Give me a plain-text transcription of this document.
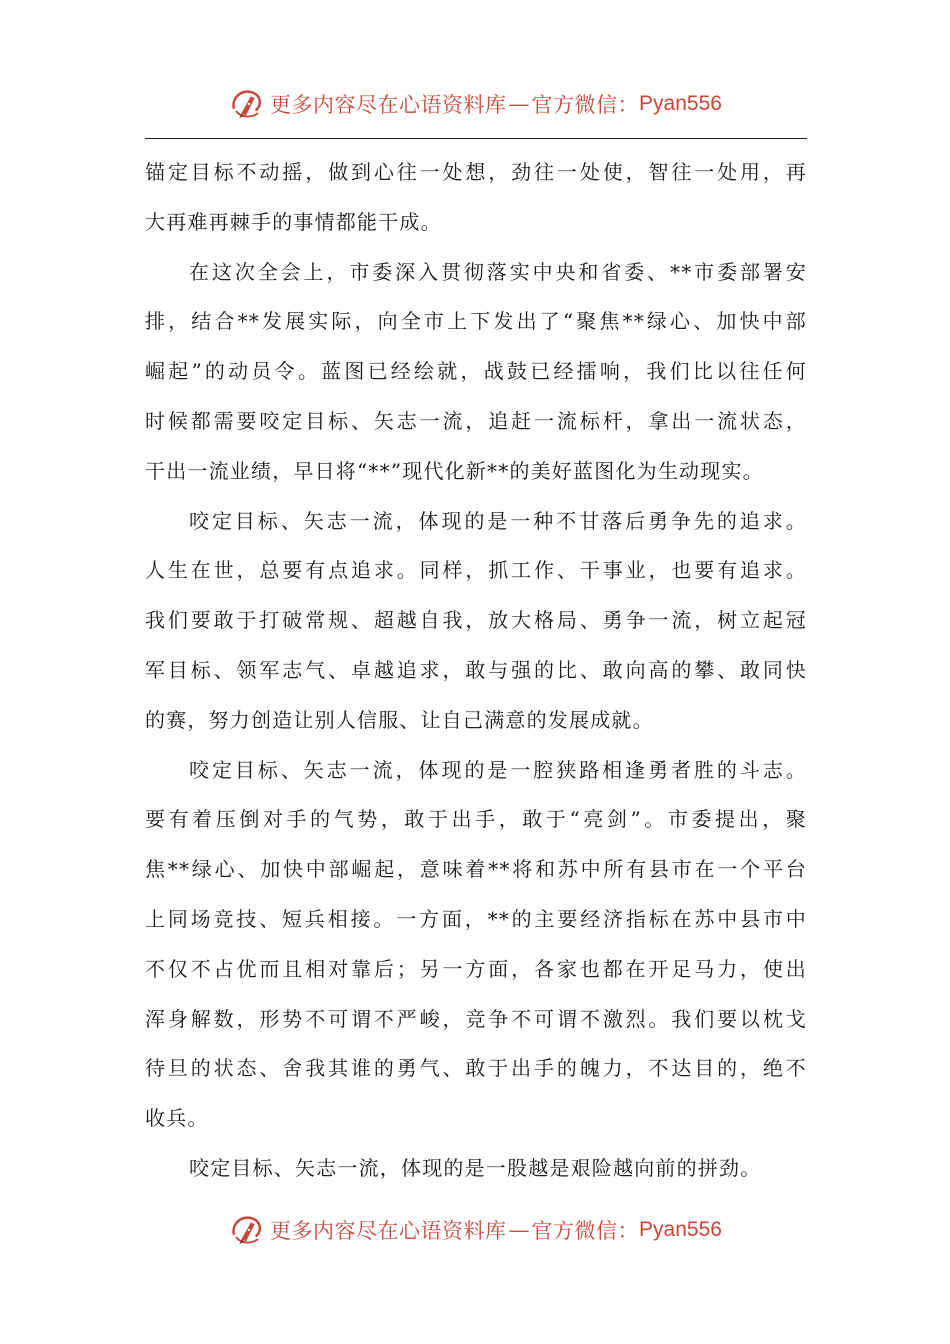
更多内容尽在心语资料库 — 官方微信： Pyan556
锚定目标不动摇，做到心往一处想，劲往一处使，智往一处用，再
大再难再棘手的事情都能干成。
在这次全会上，市委深入贯彻落实中央和省委、**市委部署安
排，结合**发展实际，向全市上下发出了“聚焦**绿心、加快中部
崛起”的动员令。蓝图已经绘就，战鼓已经擂响，我们比以往任何
时候都需要咬定目标、矢志一流，追赶一流标杆，拿出一流状态，
干出一流业绩，早日将“**”现代化新**的美好蓝图化为生动现实。
咬定目标、矢志一流，体现的是一种不甘落后勇争先的追求。
人生在世，总要有点追求。同样，抓工作、干事业，也要有追求。
我们要敢于打破常规、超越自我，放大格局、勇争一流，树立起冠
军目标、领军志气、卓越追求，敢与强的比、敢向高的攀、敢同快
的赛，努力创造让别人信服、让自己满意的发展成就。
咬定目标、矢志一流，体现的是一腔狭路相逢勇者胜的斗志。
要有着压倒对手的气势，敢于出手，敢于“亮剑”。市委提出，聚
焦**绿心、加快中部崛起，意味着**将和苏中所有县市在一个平台
上同场竞技、短兵相接。一方面，**的主要经济指标在苏中县市中
不仅不占优而且相对靠后；另一方面，各家也都在开足马力，使出
浑身解数，形势不可谓不严峻，竞争不可谓不激烈。我们要以枕戈
待旦的状态、舍我其谁的勇气、敢于出手的魄力，不达目的，绝不
收兵。
咬定目标、矢志一流，体现的是一股越是艰险越向前的拼劲。
更多内容尽在心语资料库 — 官方微信： Pyan556
